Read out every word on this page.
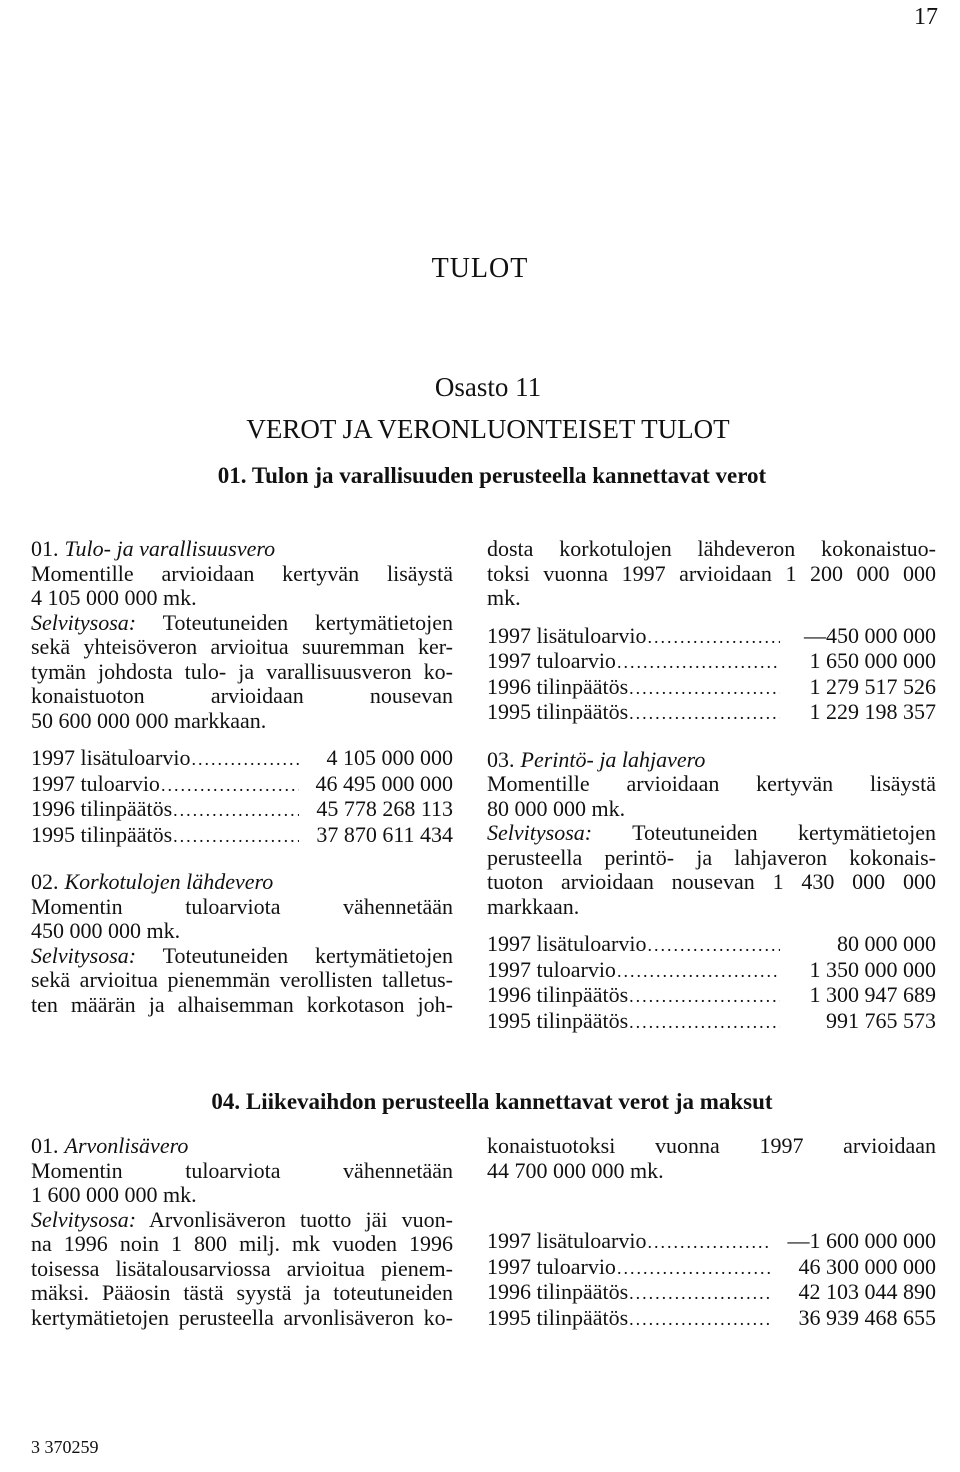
17
TULOT
Osasto 11
VEROT JA VERONLUONTEISET TULOT
01. Tulon ja varallisuuden perusteella kannettavat verot

01. Tulo- ja varallisuusvero

Momentille arvioidaan kertyvän lisäystä

4 105 000 000 mk.

Selvitysosa: Toteutuneiden kertymätietojen

sekä yhteisöveron arvioitua suuremman ker-

tymän johdosta tulo- ja varallisuusveron ko-

konaistuoton arvioidaan nousevan

50 600 000 000 markkaan.

1997 lisätuloarvio .....	4 105 000 000
1997 tuloarvio .....	46 495 000 000
1996 tilinpäätös .....	45 778 268 113
1995 tilinpäätös .....	37 870 611 434

02. Korkotulojen lähdevero

Momentin tuloarviota vähennetään

450 000 000 mk.

Selvitysosa: Toteutuneiden kertymätietojen

sekä arvioitua pienemmän verollisten talletus-

ten määrän ja alhaisemman korkotason joh-

dosta korkotulojen lähdeveron kokonaistuo-

toksi vuonna 1997 arvioidaan 1 200 000 000

mk.

1997 lisätuloarvio .....	—450 000 000
1997 tuloarvio .....	1 650 000 000
1996 tilinpäätös .....	1 279 517 526
1995 tilinpäätös .....	1 229 198 357

03. Perintö- ja lahjavero

Momentille arvioidaan kertyvän lisäystä

80 000 000 mk.

Selvitysosa: Toteutuneiden kertymätietojen

perusteella perintö- ja lahjaveron kokonais-

tuoton arvioidaan nousevan 1 430 000 000

markkaan.

1997 lisätuloarvio .....	80 000 000
1997 tuloarvio .....	1 350 000 000
1996 tilinpäätös .....	1 300 947 689
1995 tilinpäätös .....	991 765 573
04. Liikevaihdon perusteella kannettavat verot ja maksut

01. Arvonlisävero

Momentin tuloarviota vähennetään

1 600 000 000 mk.

Selvitysosa: Arvonlisäveron tuotto jäi vuon-

na 1996 noin 1 800 milj. mk vuoden 1996

toisessa lisätalousarviossa arvioitua pienem-

mäksi. Pääosin tästä syystä ja toteutuneiden

kertymätietojen perusteella arvonlisäveron ko-

konaistuotoksi vuonna 1997 arvioidaan

44 700 000 000 mk.

1997 lisätuloarvio .....	—1 600 000 000
1997 tuloarvio .....	46 300 000 000
1996 tilinpäätös .....	42 103 044 890
1995 tilinpäätös .....	36 939 468 655
3 370259
